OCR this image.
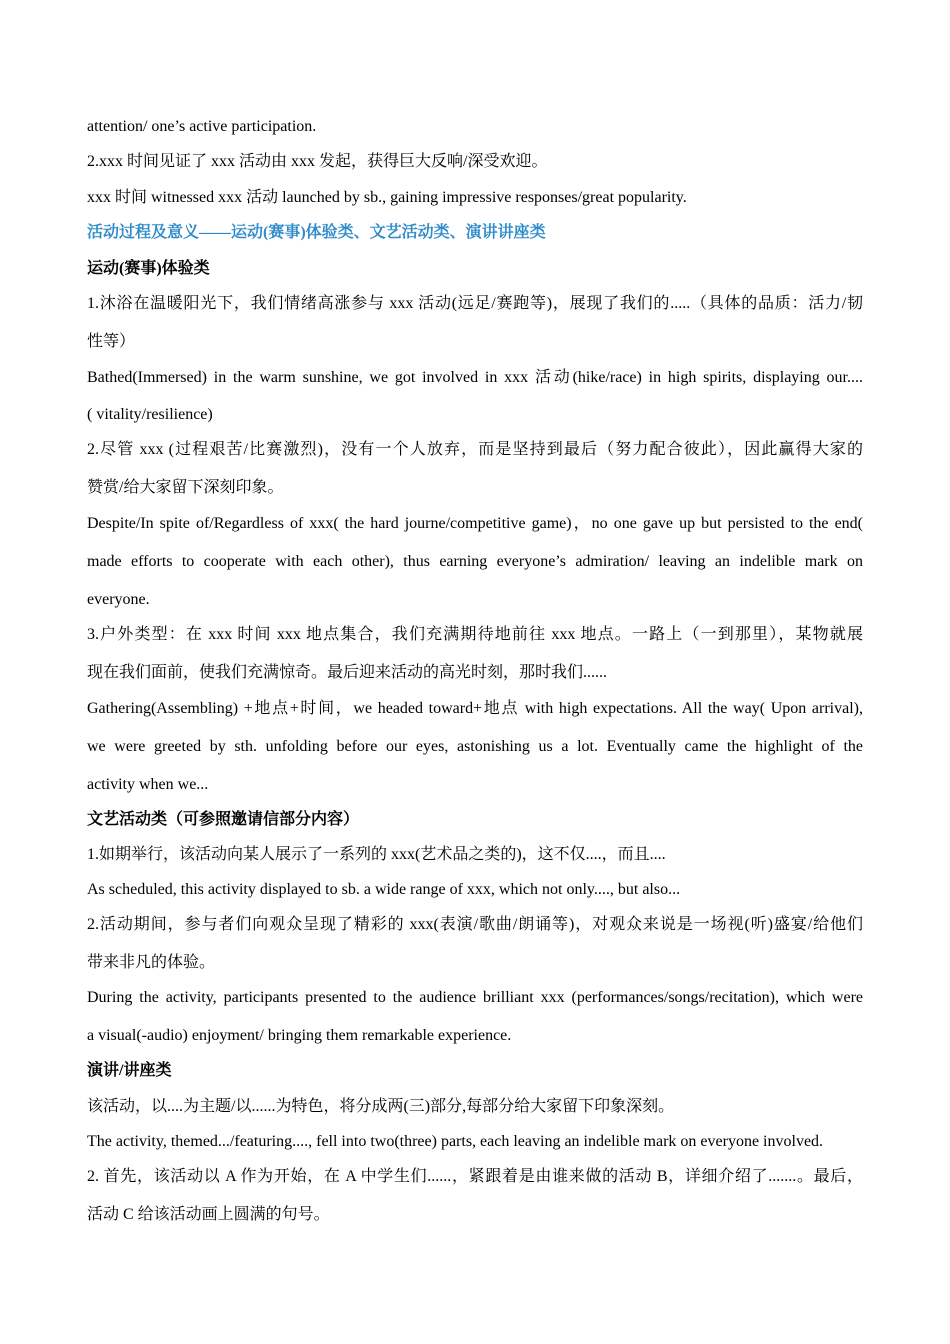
attention/ one’s active participation.
2.xxx 时间见证了 xxx 活动由 xxx 发起，获得巨大反响/深受欢迎。
xxx 时间 witnessed xxx 活动 launched by sb., gaining impressive responses/great popularity.
活动过程及意义——运动(赛事)体验类、文艺活动类、演讲讲座类
运动(赛事)体验类
1.沐浴在温暖阳光下，我们情绪高涨参与 xxx 活动(远足/赛跑等)，展现了我们的.....（具体的品质：活力/韧
性等）
Bathed(Immersed) in the warm sunshine, we got involved in xxx 活动(hike/race) in high spirits, displaying our....
( vitality/resilience)
2.尽管 xxx (过程艰苦/比赛激烈)，没有一个人放弃，而是坚持到最后（努力配合彼此），因此赢得大家的
赞赏/给大家留下深刻印象。
Despite/In spite of/Regardless of xxx( the hard journe/competitive game)，no one gave up but persisted to the end(
made efforts to cooperate with each other), thus earning everyone’s admiration/ leaving an indelible mark on
everyone.
3.户外类型：在 xxx 时间 xxx 地点集合，我们充满期待地前往 xxx 地点。一路上（一到那里），某物就展
现在我们面前，使我们充满惊奇。最后迎来活动的高光时刻，那时我们......
Gathering(Assembling) +地点+时间，we headed toward+地点 with high expectations. All the way( Upon arrival),
we were greeted by sth. unfolding before our eyes, astonishing us a lot. Eventually came the highlight of the
activity when we...
文艺活动类（可参照邀请信部分内容）
1.如期举行，该活动向某人展示了一系列的 xxx(艺术品之类的)，这不仅....，而且....
As scheduled, this activity displayed to sb. a wide range of xxx, which not only...., but also...
2.活动期间，参与者们向观众呈现了精彩的 xxx(表演/歌曲/朗诵等)，对观众来说是一场视(听)盛宴/给他们
带来非凡的体验。
During the activity, participants presented to the audience brilliant xxx (performances/songs/recitation), which were
a visual(-audio) enjoyment/ bringing them remarkable experience.
演讲/讲座类
该活动，以....为主题/以......为特色，将分成两(三)部分,每部分给大家留下印象深刻。
The activity, themed.../featuring...., fell into two(three) parts, each leaving an indelible mark on everyone involved.
2. 首先，该活动以 A 作为开始，在 A 中学生们......，紧跟着是由谁来做的活动 B，详细介绍了.......。最后，
活动 C 给该活动画上圆满的句号。
